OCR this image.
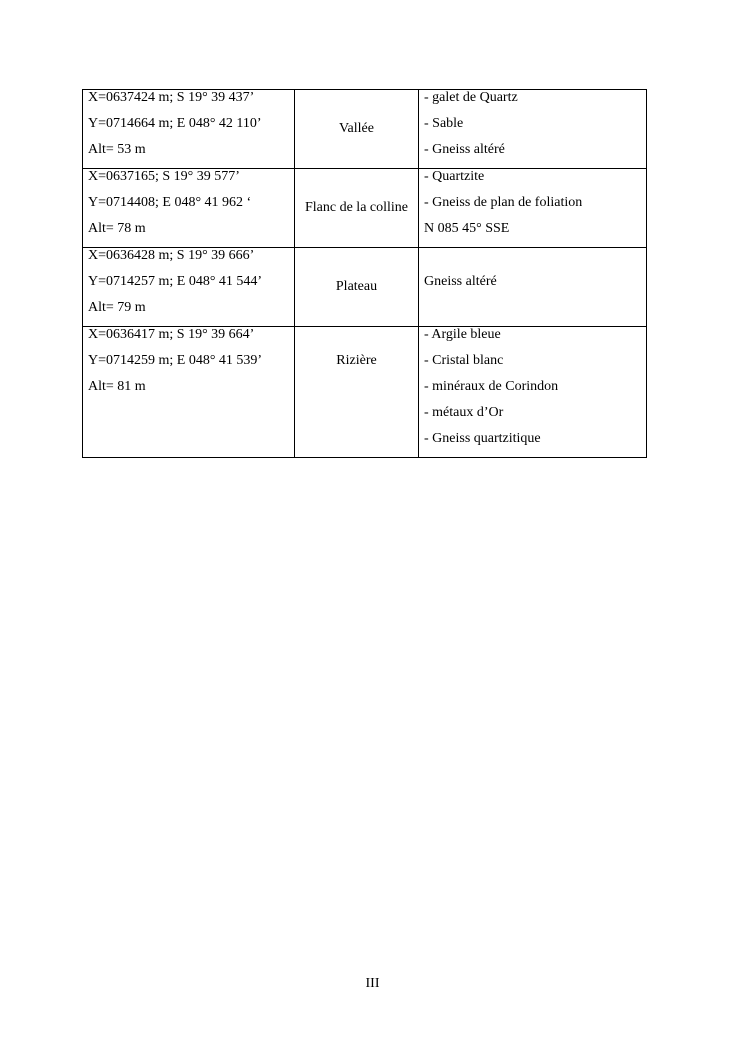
X=0637424 m; S 19° 39 437’
Y=0714664 m; E 048° 42 110’
Alt= 53 m	Vallée	- galet de Quartz
- Sable
- Gneiss altéré

X=0637165; S 19° 39 577’
Y=0714408; E 048° 41 962 ‘
Alt= 78 m	Flanc de la colline	- Quartzite
- Gneiss de plan de foliation
N 085 45° SSE

X=0636428 m; S 19° 39 666’
Y=0714257 m; E 048° 41 544’
Alt= 79 m	Plateau	Gneiss altéré

X=0636417 m; S 19° 39 664’
Y=0714259 m; E 048° 41 539’
Alt= 81 m	Rizière	- Argile bleue
- Cristal blanc
- minéraux de Corindon
- métaux d’Or
- Gneiss quartzitique
III
